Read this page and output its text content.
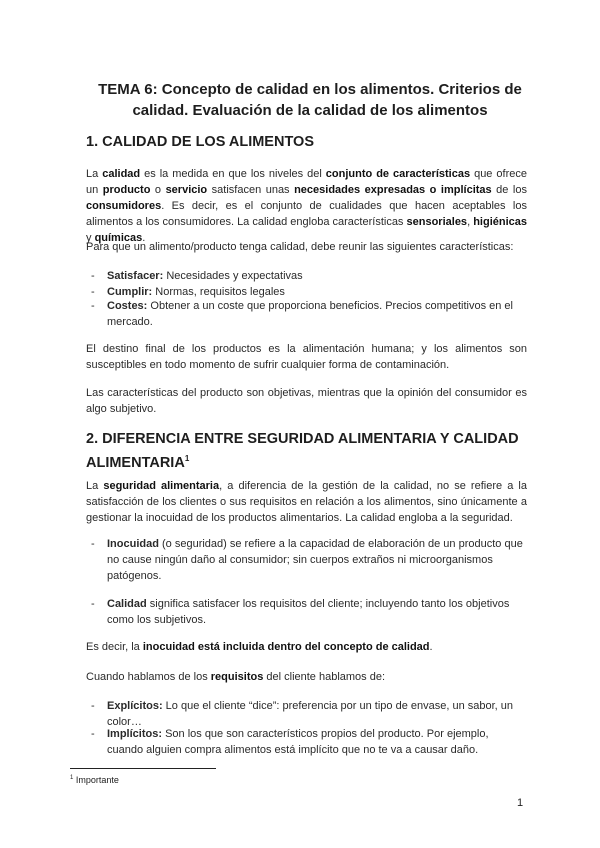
TEMA 6: Concepto de calidad en los alimentos. Criterios de calidad. Evaluación de la calidad de los alimentos
1. CALIDAD DE LOS ALIMENTOS
La calidad es la medida en que los niveles del conjunto de características que ofrece un producto o servicio satisfacen unas necesidades expresadas o implícitas de los consumidores. Es decir, es el conjunto de cualidades que hacen aceptables los alimentos a los consumidores. La calidad engloba características sensoriales, higiénicas y químicas.
Para que un alimento/producto tenga calidad, debe reunir las siguientes características:
- Satisfacer: Necesidades y expectativas
- Cumplir: Normas, requisitos legales
- Costes: Obtener a un coste que proporciona beneficios. Precios competitivos en el mercado.
El destino final de los productos es la alimentación humana; y los alimentos son susceptibles en todo momento de sufrir cualquier forma de contaminación.
Las características del producto son objetivas, mientras que la opinión del consumidor es algo subjetivo.
2. DIFERENCIA ENTRE SEGURIDAD ALIMENTARIA Y CALIDAD ALIMENTARIA$^1$
La seguridad alimentaria, a diferencia de la gestión de la calidad, no se refiere a la satisfacción de los clientes o sus requisitos en relación a los alimentos, sino únicamente a gestionar la inocuidad de los productos alimentarios. La calidad engloba a la seguridad.
- Inocuidad (o seguridad) se refiere a la capacidad de elaboración de un producto que no cause ningún daño al consumidor; sin cuerpos extraños ni microorganismos patógenos.
- Calidad significa satisfacer los requisitos del cliente; incluyendo tanto los objetivos como los subjetivos.
Es decir, la inocuidad está incluida dentro del concepto de calidad.
Cuando hablamos de los requisitos del cliente hablamos de:
- Explícitos: Lo que el cliente “dice”: preferencia por un tipo de envase, un sabor, un color…
- Implícitos: Son los que son característicos propios del producto. Por ejemplo, cuando alguien compra alimentos está implícito que no te va a causar daño.
$^1$ Importante
1
